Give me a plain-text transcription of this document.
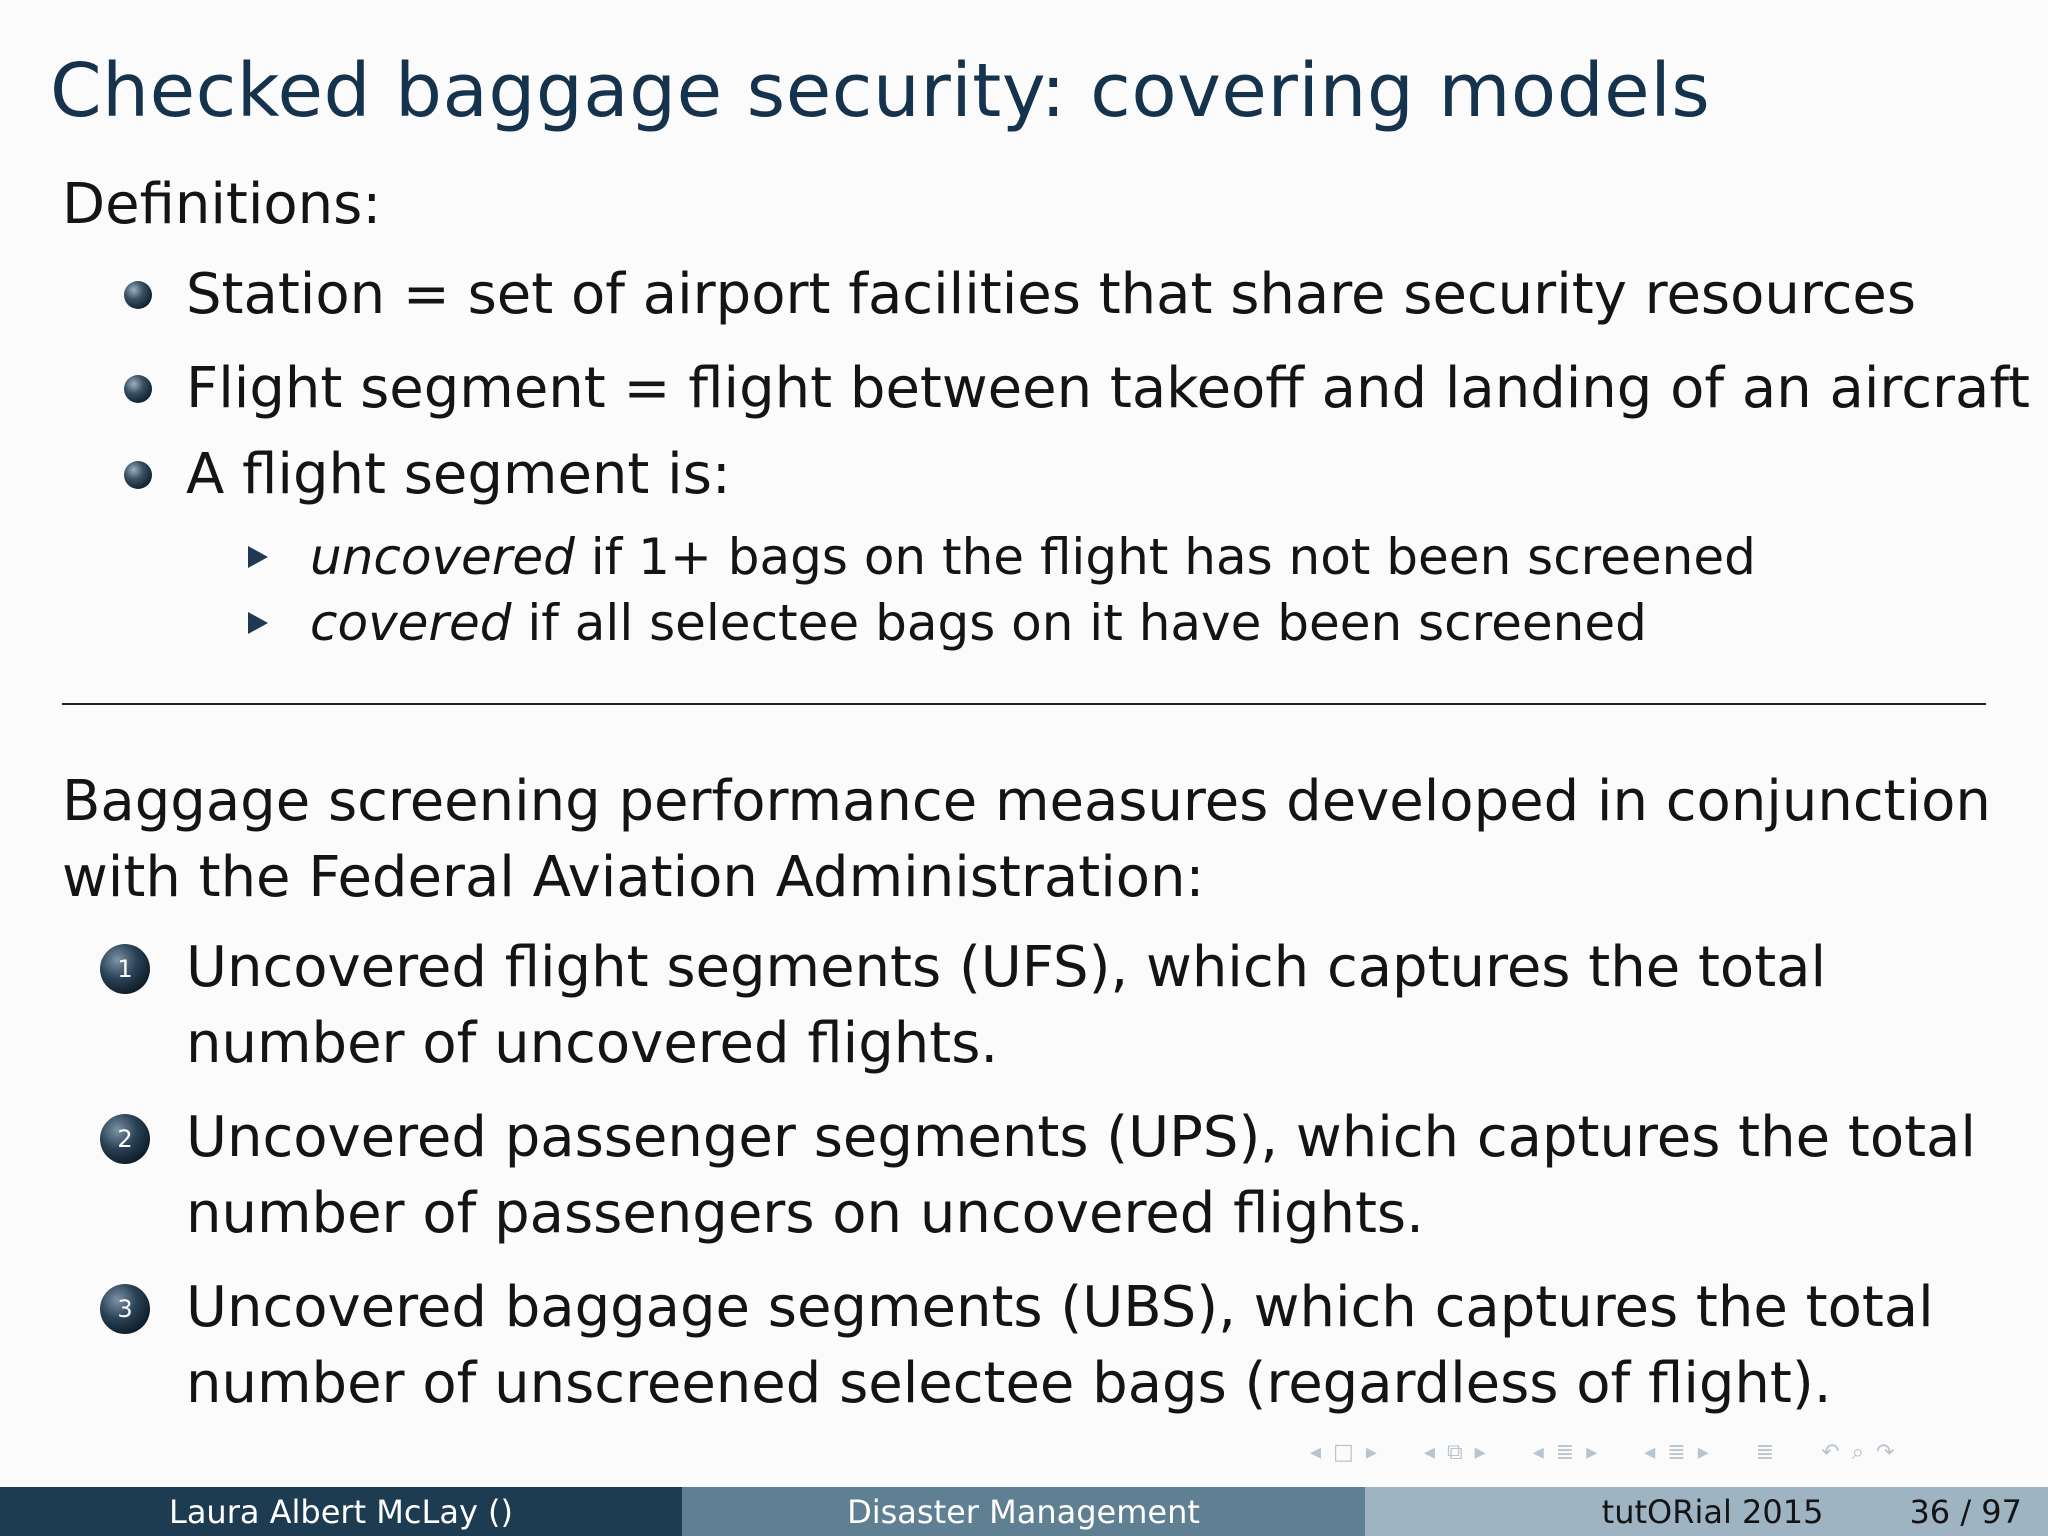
Checked baggage security: covering models
Definitions:
Station = set of airport facilities that share security resources
Flight segment = flight between takeoff and landing of an aircraft
A flight segment is:
uncovered if 1+ bags on the flight has not been screened
covered if all selectee bags on it have been screened
Baggage screening performance measures developed in conjunction with the Federal Aviation Administration:
1 Uncovered flight segments (UFS), which captures the total number of uncovered flights.
2 Uncovered passenger segments (UPS), which captures the total number of passengers on uncovered flights.
3 Uncovered baggage segments (UBS), which captures the total number of unscreened selectee bags (regardless of flight).
◂ □ ▸ ◂ ⧉ ▸ ◂ ≣ ▸ ◂ ≣ ▸ ≣ ↶ ⌕ ↷
Laura Albert McLay ()	Disaster Management	tutORial 2015	36 / 97
